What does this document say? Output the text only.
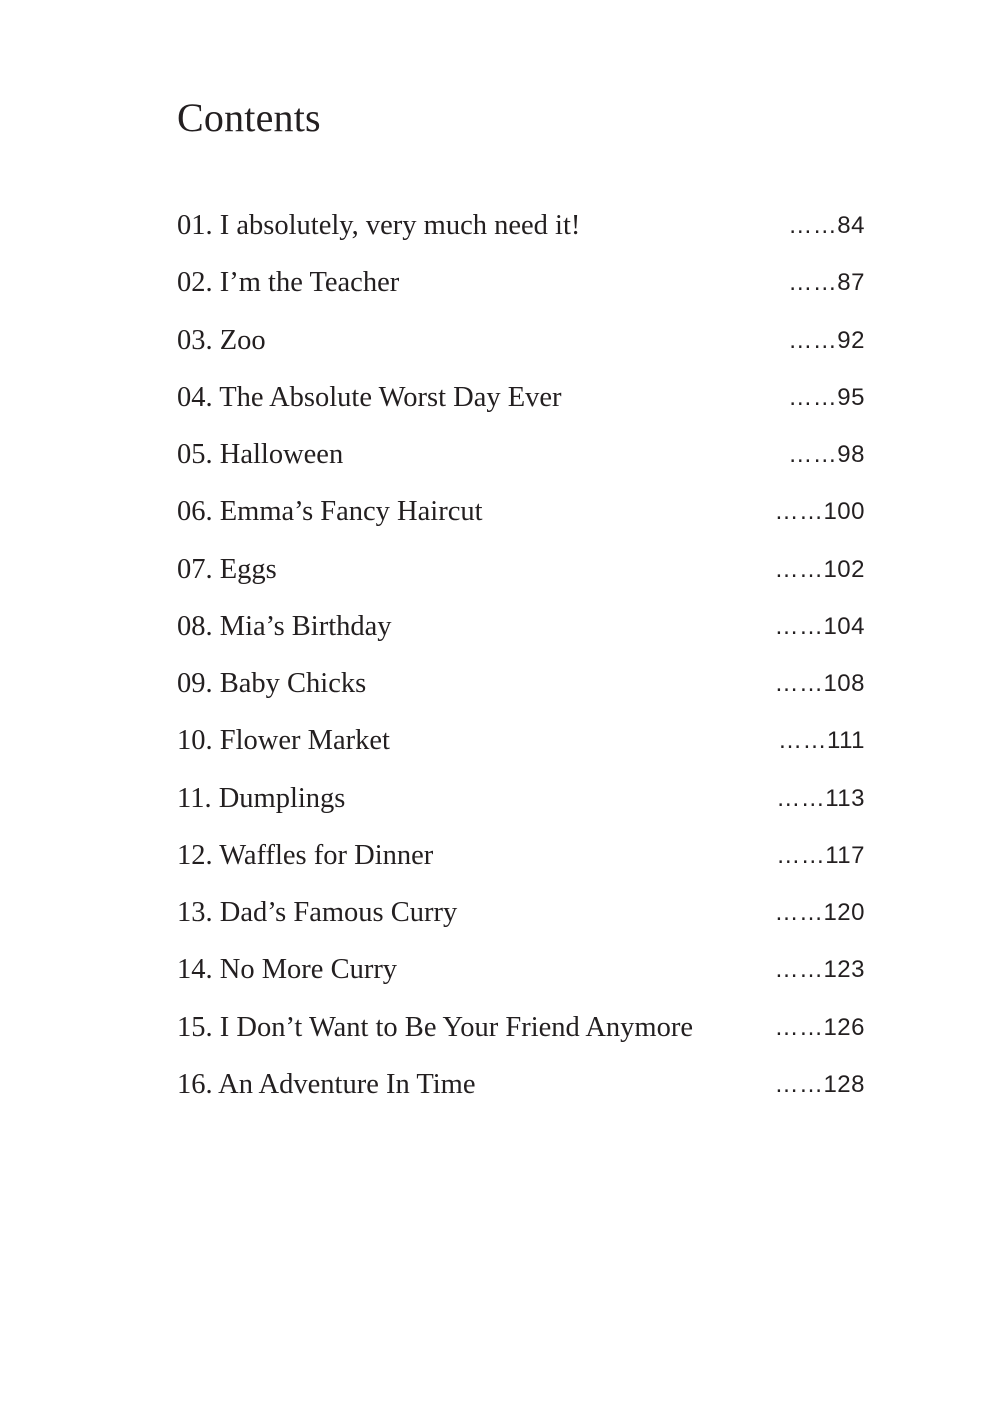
Contents
01. I absolutely, very much need it!	……84
02. I’m the Teacher	……87
03. Zoo	……92
04. The Absolute Worst Day Ever	……95
05. Halloween	……98
06. Emma’s Fancy Haircut	……100
07. Eggs	……102
08. Mia’s Birthday	……104
09. Baby Chicks	……108
10. Flower Market	……111
11. Dumplings	……113
12. Waffles for Dinner	……117
13. Dad’s Famous Curry	……120
14. No More Curry	……123
15. I Don’t Want to Be Your Friend Anymore	……126
16. An Adventure In Time	……128
